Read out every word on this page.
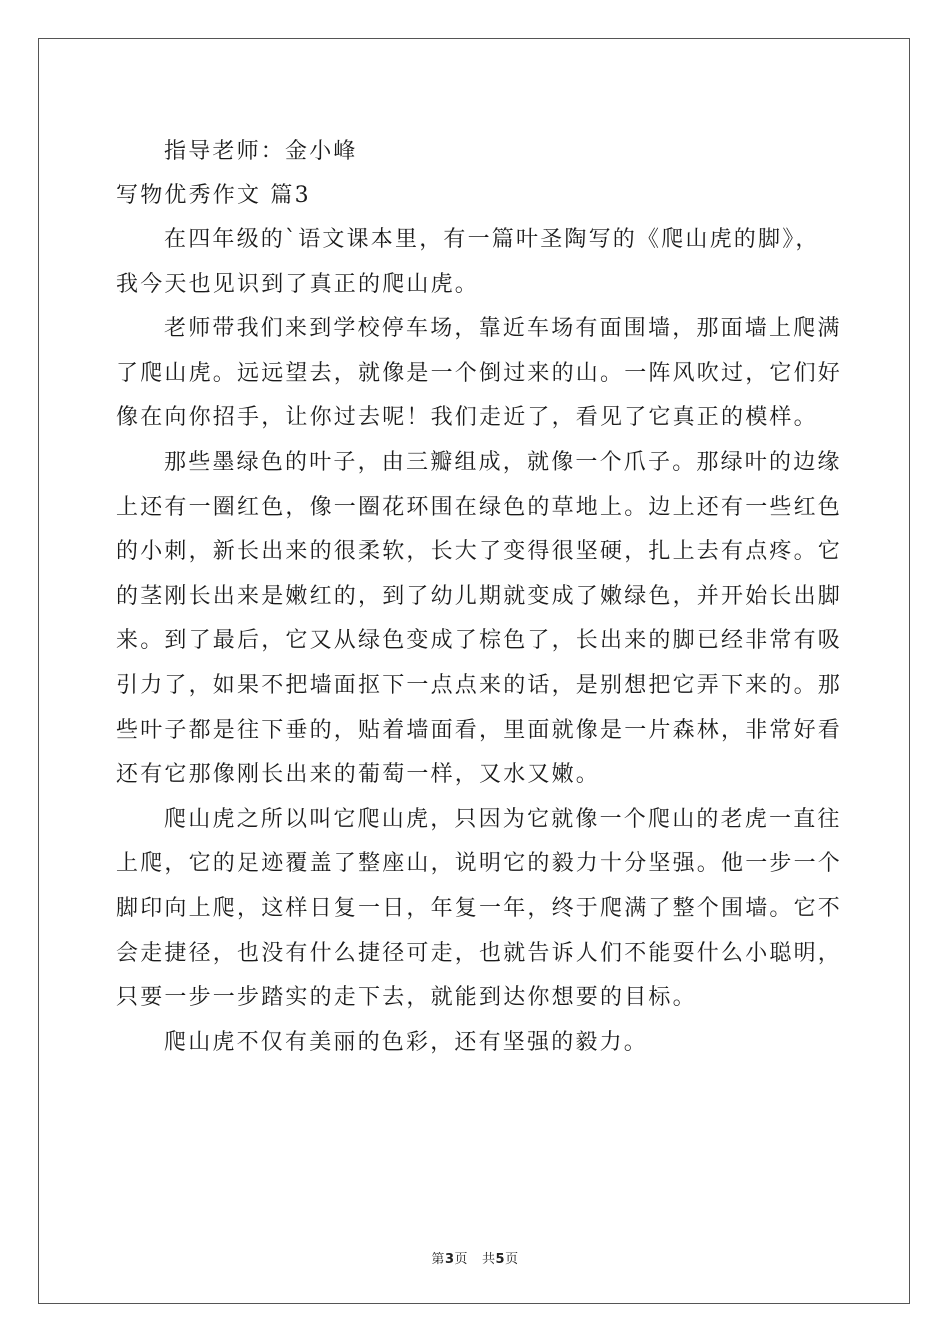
指导老师：金小峰
写物优秀作文 篇3
在四年级的`语文课本里，有一篇叶圣陶写的《爬山虎的脚》，
我今天也见识到了真正的爬山虎。
老师带我们来到学校停车场，靠近车场有面围墙，那面墙上爬满
了爬山虎。远远望去，就像是一个倒过来的山。一阵风吹过，它们好
像在向你招手，让你过去呢！我们走近了，看见了它真正的模样。
那些墨绿色的叶子，由三瓣组成，就像一个爪子。那绿叶的边缘
上还有一圈红色，像一圈花环围在绿色的草地上。边上还有一些红色
的小刺，新长出来的很柔软，长大了变得很坚硬，扎上去有点疼。它
的茎刚长出来是嫩红的，到了幼儿期就变成了嫩绿色，并开始长出脚
来。到了最后，它又从绿色变成了棕色了，长出来的脚已经非常有吸
引力了，如果不把墙面抠下一点点来的话，是别想把它弄下来的。那
些叶子都是往下垂的，贴着墙面看，里面就像是一片森林，非常好看
还有它那像刚长出来的葡萄一样，又水又嫩。
爬山虎之所以叫它爬山虎，只因为它就像一个爬山的老虎一直往
上爬，它的足迹覆盖了整座山，说明它的毅力十分坚强。他一步一个
脚印向上爬，这样日复一日，年复一年，终于爬满了整个围墙。它不
会走捷径，也没有什么捷径可走，也就告诉人们不能耍什么小聪明，
只要一步一步踏实的走下去，就能到达你想要的目标。
爬山虎不仅有美丽的色彩，还有坚强的毅力。
第3页 共5页
